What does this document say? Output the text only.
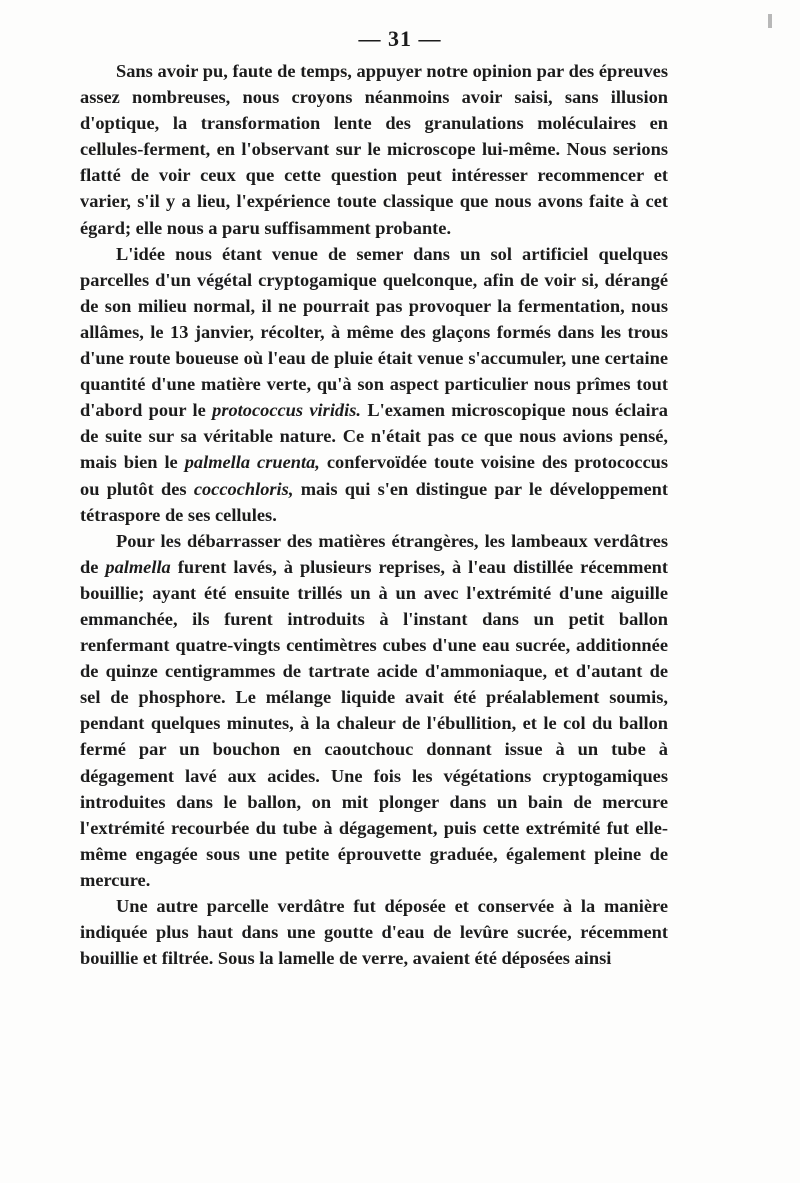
— 31 —

Sans avoir pu, faute de temps, appuyer notre opinion par des épreuves assez nombreuses, nous croyons néanmoins avoir saisi, sans illusion d'optique, la transformation lente des granulations moléculaires en cellules-ferment, en l'observant sur le microscope lui-même. Nous serions flatté de voir ceux que cette question peut intéresser recommencer et varier, s'il y a lieu, l'expérience toute classique que nous avons faite à cet égard; elle nous a paru suffisamment probante.

L'idée nous étant venue de semer dans un sol artificiel quelques parcelles d'un végétal cryptogamique quelconque, afin de voir si, dérangé de son milieu normal, il ne pourrait pas provoquer la fermentation, nous allâmes, le 13 janvier, récolter, à même des glaçons formés dans les trous d'une route boueuse où l'eau de pluie était venue s'accumuler, une certaine quantité d'une matière verte, qu'à son aspect particulier nous prîmes tout d'abord pour le protococcus viridis. L'examen microscopique nous éclaira de suite sur sa véritable nature. Ce n'était pas ce que nous avions pensé, mais bien le palmella cruenta, confervoïdée toute voisine des protococcus ou plutôt des coccochloris, mais qui s'en distingue par le développement tétraspore de ses cellules.

Pour les débarrasser des matières étrangères, les lambeaux verdâtres de palmella furent lavés, à plusieurs reprises, à l'eau distillée récemment bouillie; ayant été ensuite trillés un à un avec l'extrémité d'une aiguille emmanchée, ils furent introduits à l'instant dans un petit ballon renfermant quatre-vingts centimètres cubes d'une eau sucrée, additionnée de quinze centigrammes de tartrate acide d'ammoniaque, et d'autant de sel de phosphore. Le mélange liquide avait été préalablement soumis, pendant quelques minutes, à la chaleur de l'ébullition, et le col du ballon fermé par un bouchon en caoutchouc donnant issue à un tube à dégagement lavé aux acides. Une fois les végétations cryptogamiques introduites dans le ballon, on mit plonger dans un bain de mercure l'extrémité recourbée du tube à dégagement, puis cette extrémité fut elle-même engagée sous une petite éprouvette graduée, également pleine de mercure.

Une autre parcelle verdâtre fut déposée et conservée à la manière indiquée plus haut dans une goutte d'eau de levûre sucrée, récemment bouillie et filtrée. Sous la lamelle de verre, avaient été déposées ainsi
